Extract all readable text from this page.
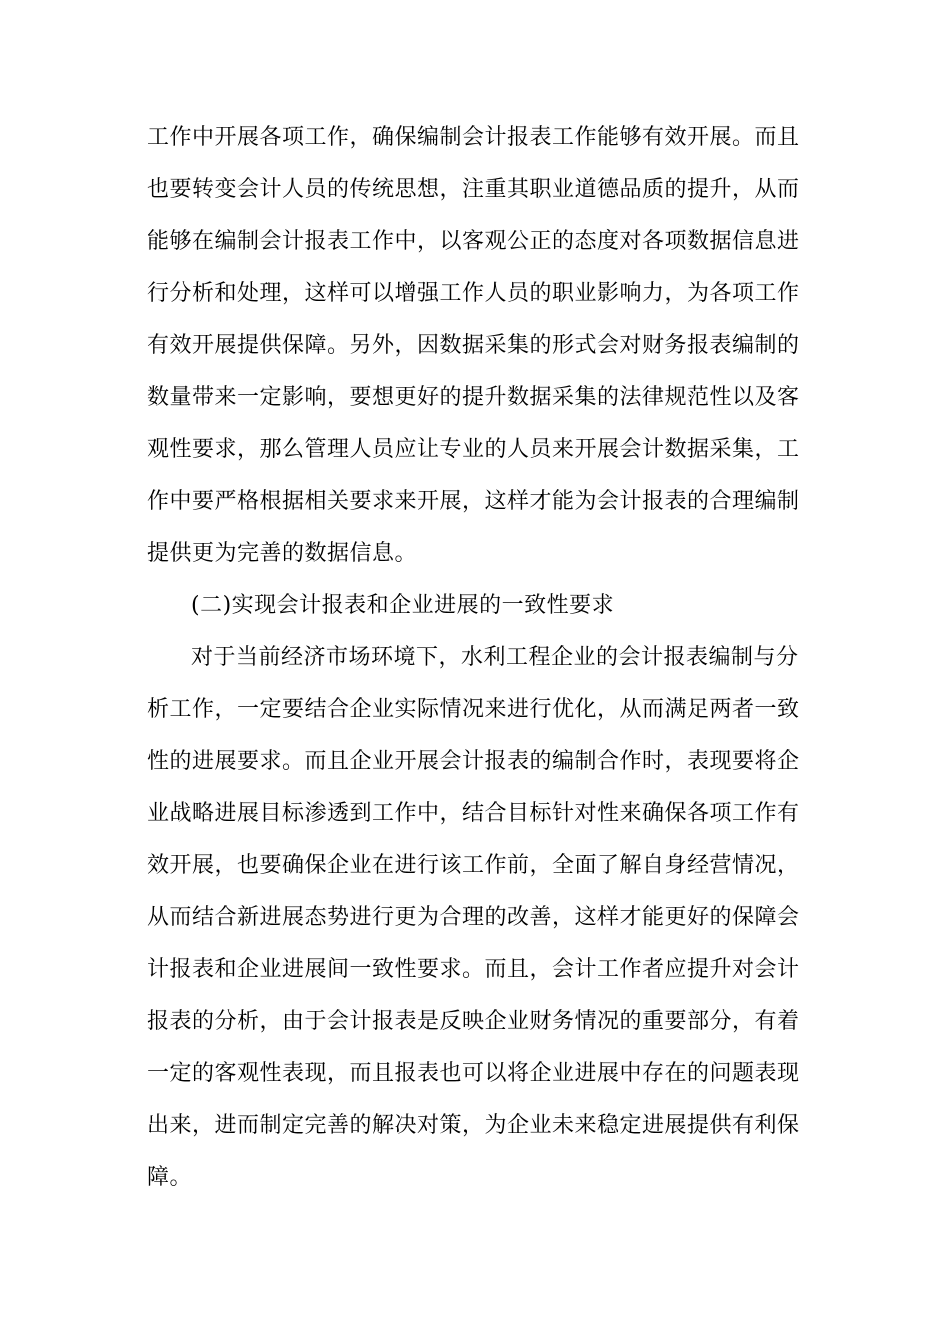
工作中开展各项工作，确保编制会计报表工作能够有效开展。而且
也要转变会计人员的传统思想，注重其职业道德品质的提升，从而
能够在编制会计报表工作中，以客观公正的态度对各项数据信息进
行分析和处理，这样可以增强工作人员的职业影响力，为各项工作
有效开展提供保障。另外，因数据采集的形式会对财务报表编制的
数量带来一定影响，要想更好的提升数据采集的法律规范性以及客
观性要求，那么管理人员应让专业的人员来开展会计数据采集，工
作中要严格根据相关要求来开展，这样才能为会计报表的合理编制
提供更为完善的数据信息。
(二)实现会计报表和企业进展的一致性要求
对于当前经济市场环境下，水利工程企业的会计报表编制与分
析工作，一定要结合企业实际情况来进行优化，从而满足两者一致
性的进展要求。而且企业开展会计报表的编制合作时，表现要将企
业战略进展目标渗透到工作中，结合目标针对性来确保各项工作有
效开展，也要确保企业在进行该工作前，全面了解自身经营情况，
从而结合新进展态势进行更为合理的改善，这样才能更好的保障会
计报表和企业进展间一致性要求。而且，会计工作者应提升对会计
报表的分析，由于会计报表是反映企业财务情况的重要部分，有着
一定的客观性表现，而且报表也可以将企业进展中存在的问题表现
出来，进而制定完善的解决对策，为企业未来稳定进展提供有利保
障。
